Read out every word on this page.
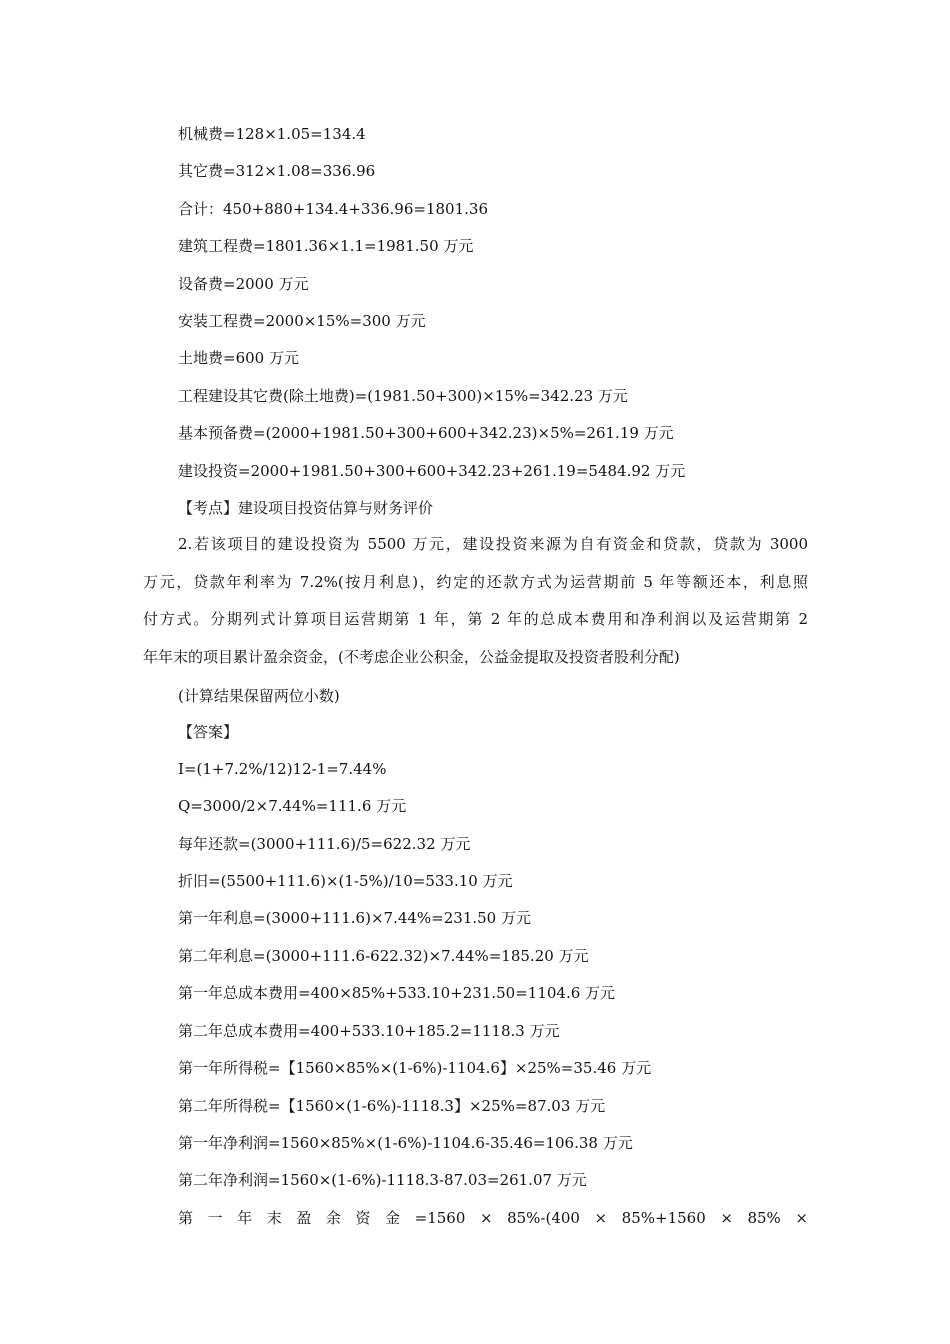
机械费=128×1.05=134.4
其它费=312×1.08=336.96
合计：450+880+134.4+336.96=1801.36
建筑工程费=1801.36×1.1=1981.50 万元
设备费=2000 万元
安装工程费=2000×15%=300 万元
土地费=600 万元
工程建设其它费(除土地费)=(1981.50+300)×15%=342.23 万元
基本预备费=(2000+1981.50+300+600+342.23)×5%=261.19 万元
建设投资=2000+1981.50+300+600+342.23+261.19=5484.92 万元
【考点】建设项目投资估算与财务评价
2.若该项目的建设投资为 5500 万元，建设投资来源为自有资金和贷款，贷款为 3000
万元，贷款年利率为 7.2%(按月利息)，约定的还款方式为运营期前 5 年等额还本，利息照
付方式。分期列式计算项目运营期第 1 年，第 2 年的总成本费用和净利润以及运营期第 2
年年末的项目累计盈余资金，(不考虑企业公积金，公益金提取及投资者股利分配)
(计算结果保留两位小数)
【答案】
I=(1+7.2%/12)12-1=7.44%
Q=3000/2×7.44%=111.6 万元
每年还款=(3000+111.6)/5=622.32 万元
折旧=(5500+111.6)×(1-5%)/10=533.10 万元
第一年利息=(3000+111.6)×7.44%=231.50 万元
第二年利息=(3000+111.6-622.32)×7.44%=185.20 万元
第一年总成本费用=400×85%+533.10+231.50=1104.6 万元
第二年总成本费用=400+533.10+185.2=1118.3 万元
第一年所得税=【1560×85%×(1-6%)-1104.6】×25%=35.46 万元
第二年所得税=【1560×(1-6%)-1118.3】×25%=87.03 万元
第一年净利润=1560×85%×(1-6%)-1104.6-35.46=106.38 万元
第二年净利润=1560×(1-6%)-1118.3-87.03=261.07 万元
第 一 年 末 盈 余 资 金 =1560 × 85%-(400 × 85%+1560 × 85% ×
